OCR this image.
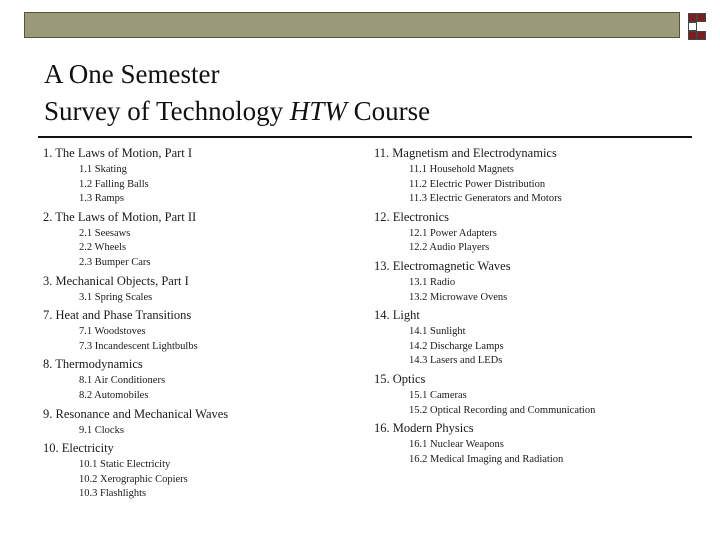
A One Semester
Survey of Technology HTW Course
1. The Laws of Motion, Part I
1.1 Skating
1.2 Falling Balls
1.3 Ramps
2. The Laws of Motion, Part II
2.1 Seesaws
2.2 Wheels
2.3 Bumper Cars
3. Mechanical Objects, Part I
3.1 Spring Scales
7. Heat and Phase Transitions
7.1 Woodstoves
7.3 Incandescent Lightbulbs
8. Thermodynamics
8.1 Air Conditioners
8.2 Automobiles
9. Resonance and Mechanical Waves
9.1 Clocks
10. Electricity
10.1 Static Electricity
10.2 Xerographic Copiers
10.3 Flashlights
11. Magnetism and Electrodynamics
11.1 Household Magnets
11.2 Electric Power Distribution
11.3 Electric Generators and Motors
12. Electronics
12.1 Power Adapters
12.2 Audio Players
13. Electromagnetic Waves
13.1 Radio
13.2 Microwave Ovens
14. Light
14.1 Sunlight
14.2 Discharge Lamps
14.3 Lasers and LEDs
15. Optics
15.1 Cameras
15.2 Optical Recording and Communication
16. Modern Physics
16.1 Nuclear Weapons
16.2 Medical Imaging and Radiation
